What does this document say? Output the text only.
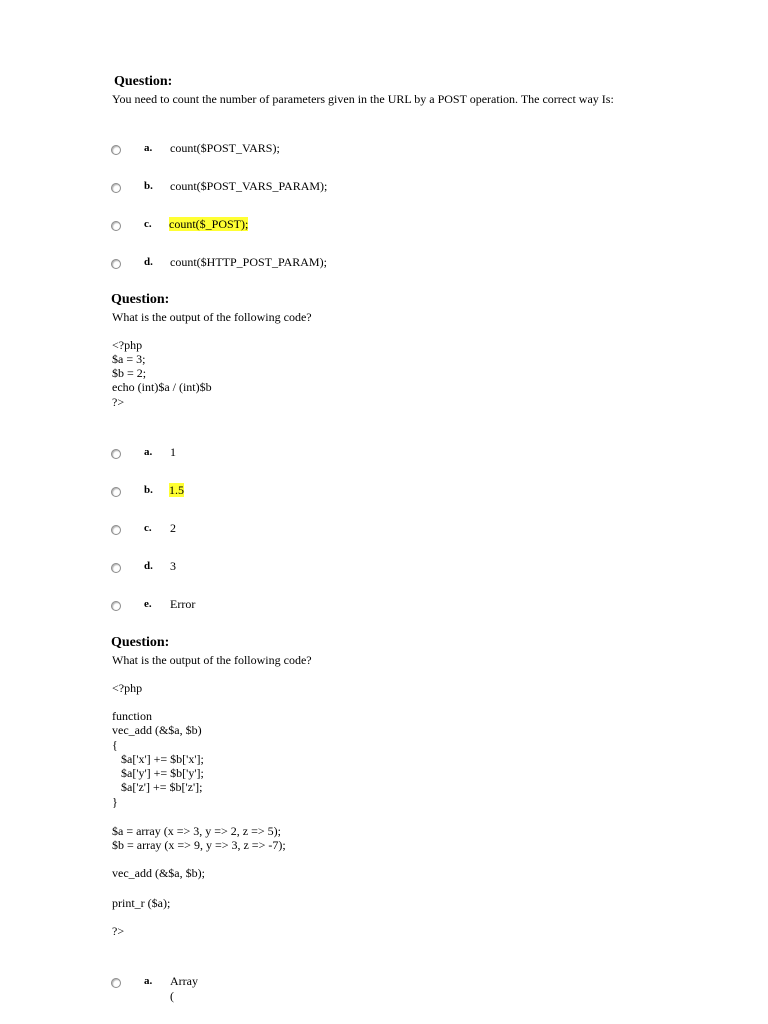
Question:
You need to count the number of parameters given in the URL by a POST operation. The correct way Is:
a. count($POST_VARS);
b. count($POST_VARS_PARAM);
c. count($_POST);
d. count($HTTP_POST_PARAM);
Question:
What is the output of the following code?
<?php
$a = 3;
$b = 2;
echo (int)$a / (int)$b
?>
a. 1
b. 1.5
c. 2
d. 3
e. Error
Question:
What is the output of the following code?
<?php
function
vec_add (&$a, $b)
{
$a['x'] += $b['x'];
$a['y'] += $b['y'];
$a['z'] += $b['z'];
}
$a = array (x => 3, y => 2, z => 5);
$b = array (x => 9, y => 3, z => -7);
vec_add (&$a, $b);
print_r ($a);
?>
a. Array
(
